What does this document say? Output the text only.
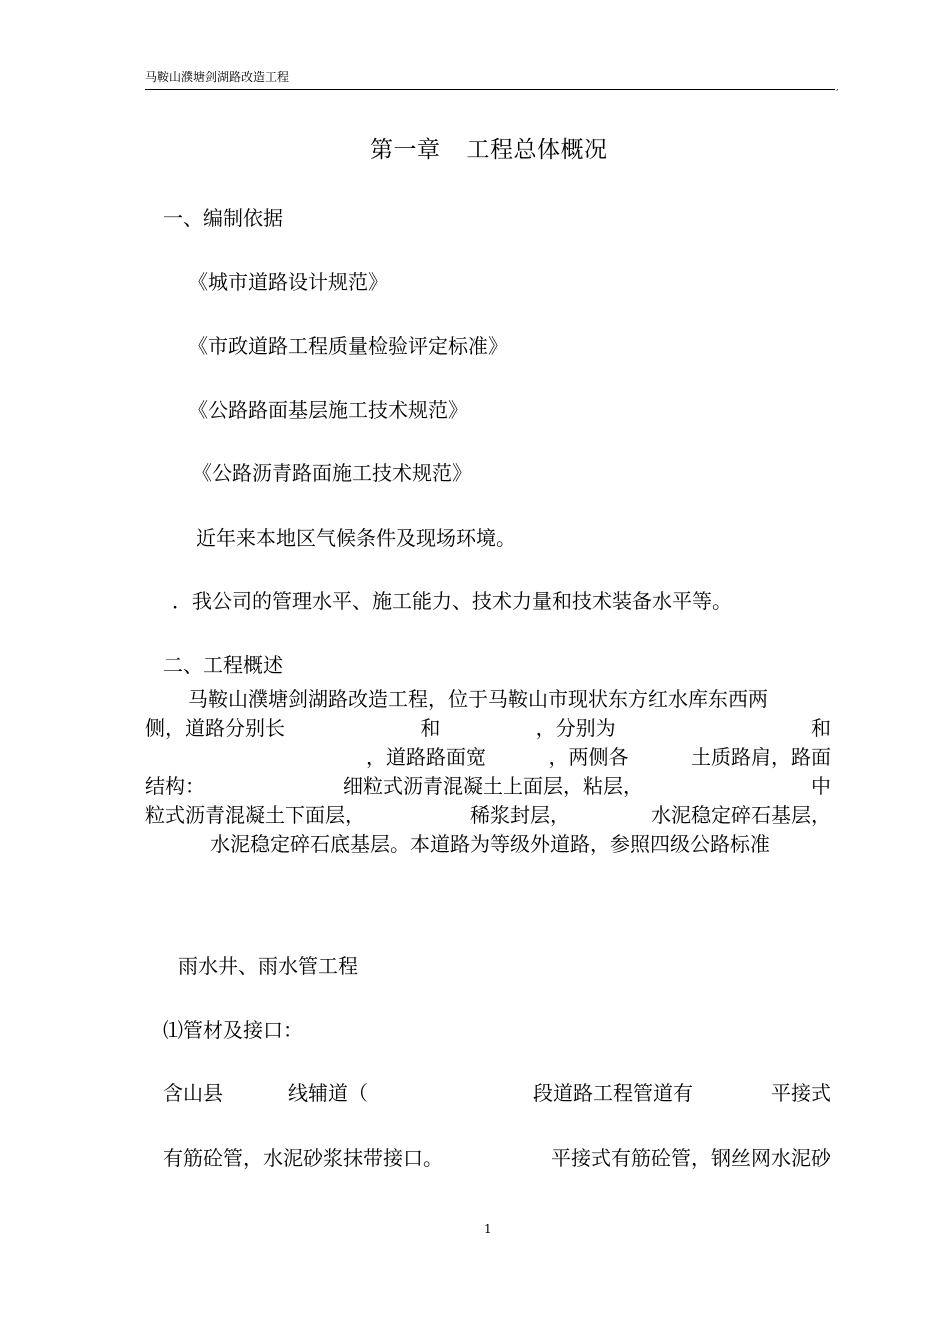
马鞍山濮塘剑湖路改造工程
,
第一章 工程总体概况
一、编制依据
《城市道路设计规范》
《市政道路工程质量检验评定标准》
《公路路面基层施工技术规范》
《公路沥青路面施工技术规范》
近年来本地区气候条件及现场环境。
．我公司的管理水平、施工能力、技术力量和技术装备水平等。
二、工程概述
马鞍山濮塘剑湖路改造工程，位于马鞍山市现状东方红水库东西两
侧，道路分别长	和	，分别为	和
，道路路面宽	，两侧各	土质路肩，路面
结构：	细粒式沥青混凝土上面层，粘层，	中
粒式沥青混凝土下面层，	稀浆封层，	水泥稳定碎石基层，
水泥稳定碎石底基层。本道路为等级外道路，参照四级公路标准
雨水井、雨水管工程
⑴管材及接口：
含山县	线辅道（	段道路工程管道有	平接式
有筋砼管，水泥砂浆抹带接口。	平接式有筋砼管，钢丝网水泥砂
1
